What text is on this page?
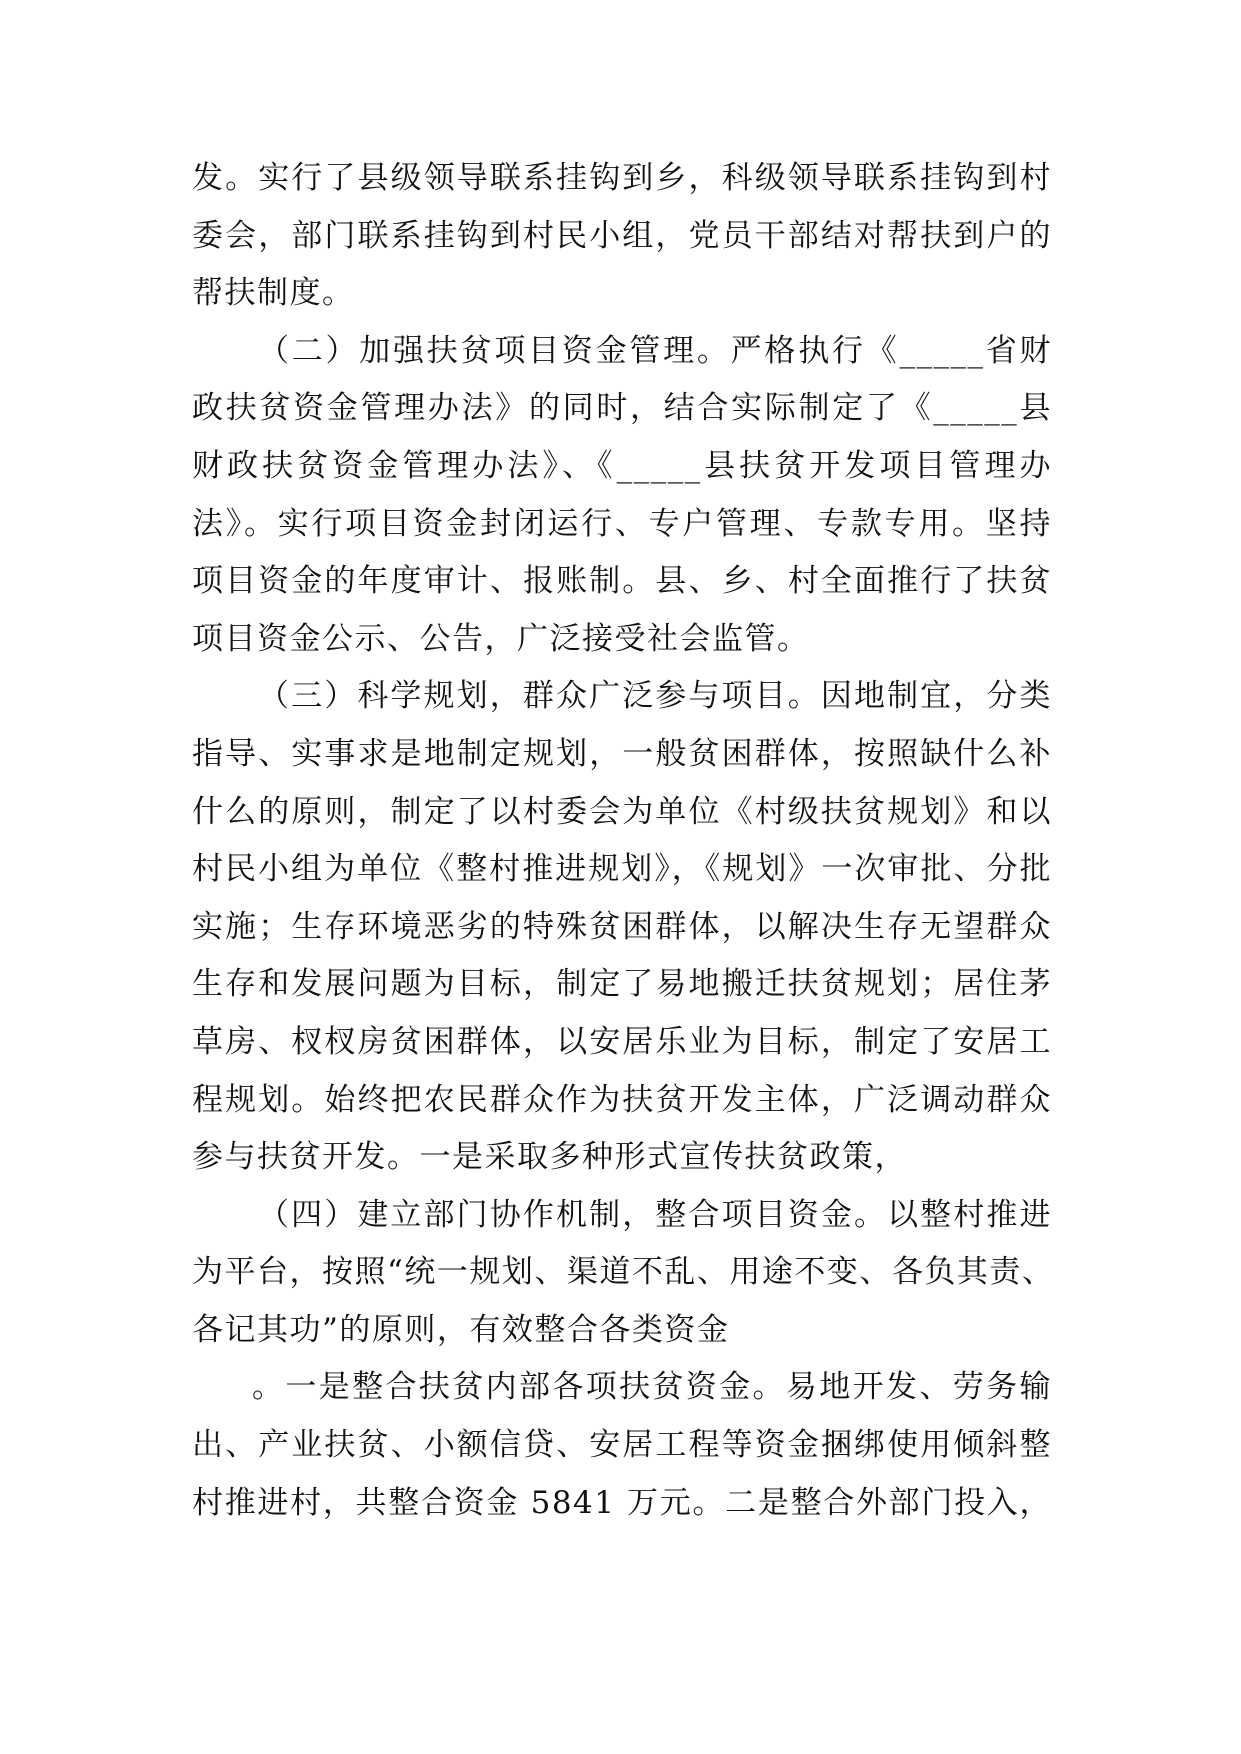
发。实行了县级领导联系挂钩到乡，科级领导联系挂钩到村
委会，部门联系挂钩到村民小组，党员干部结对帮扶到户的
帮扶制度。
（二）加强扶贫项目资金管理。严格执行《_____省财
政扶贫资金管理办法》的同时，结合实际制定了《_____县
财政扶贫资金管理办法》、《_____县扶贫开发项目管理办
法》。实行项目资金封闭运行、专户管理、专款专用。坚持
项目资金的年度审计、报账制。县、乡、村全面推行了扶贫
项目资金公示、公告，广泛接受社会监管。
（三）科学规划，群众广泛参与项目。因地制宜，分类
指导、实事求是地制定规划，一般贫困群体，按照缺什么补
什么的原则，制定了以村委会为单位《村级扶贫规划》和以
村民小组为单位《整村推进规划》，《规划》一次审批、分批
实施；生存环境恶劣的特殊贫困群体，以解决生存无望群众
生存和发展问题为目标，制定了易地搬迁扶贫规划；居住茅
草房、杈杈房贫困群体，以安居乐业为目标，制定了安居工
程规划。始终把农民群众作为扶贫开发主体，广泛调动群众
参与扶贫开发。一是采取多种形式宣传扶贫政策，
（四）建立部门协作机制，整合项目资金。以整村推进
为平台，按照“统一规划、渠道不乱、用途不变、各负其责、
各记其功”的原则，有效整合各类资金
。一是整合扶贫内部各项扶贫资金。易地开发、劳务输
出、产业扶贫、小额信贷、安居工程等资金捆绑使用倾斜整
村推进村，共整合资金 5841 万元。二是整合外部门投入，
